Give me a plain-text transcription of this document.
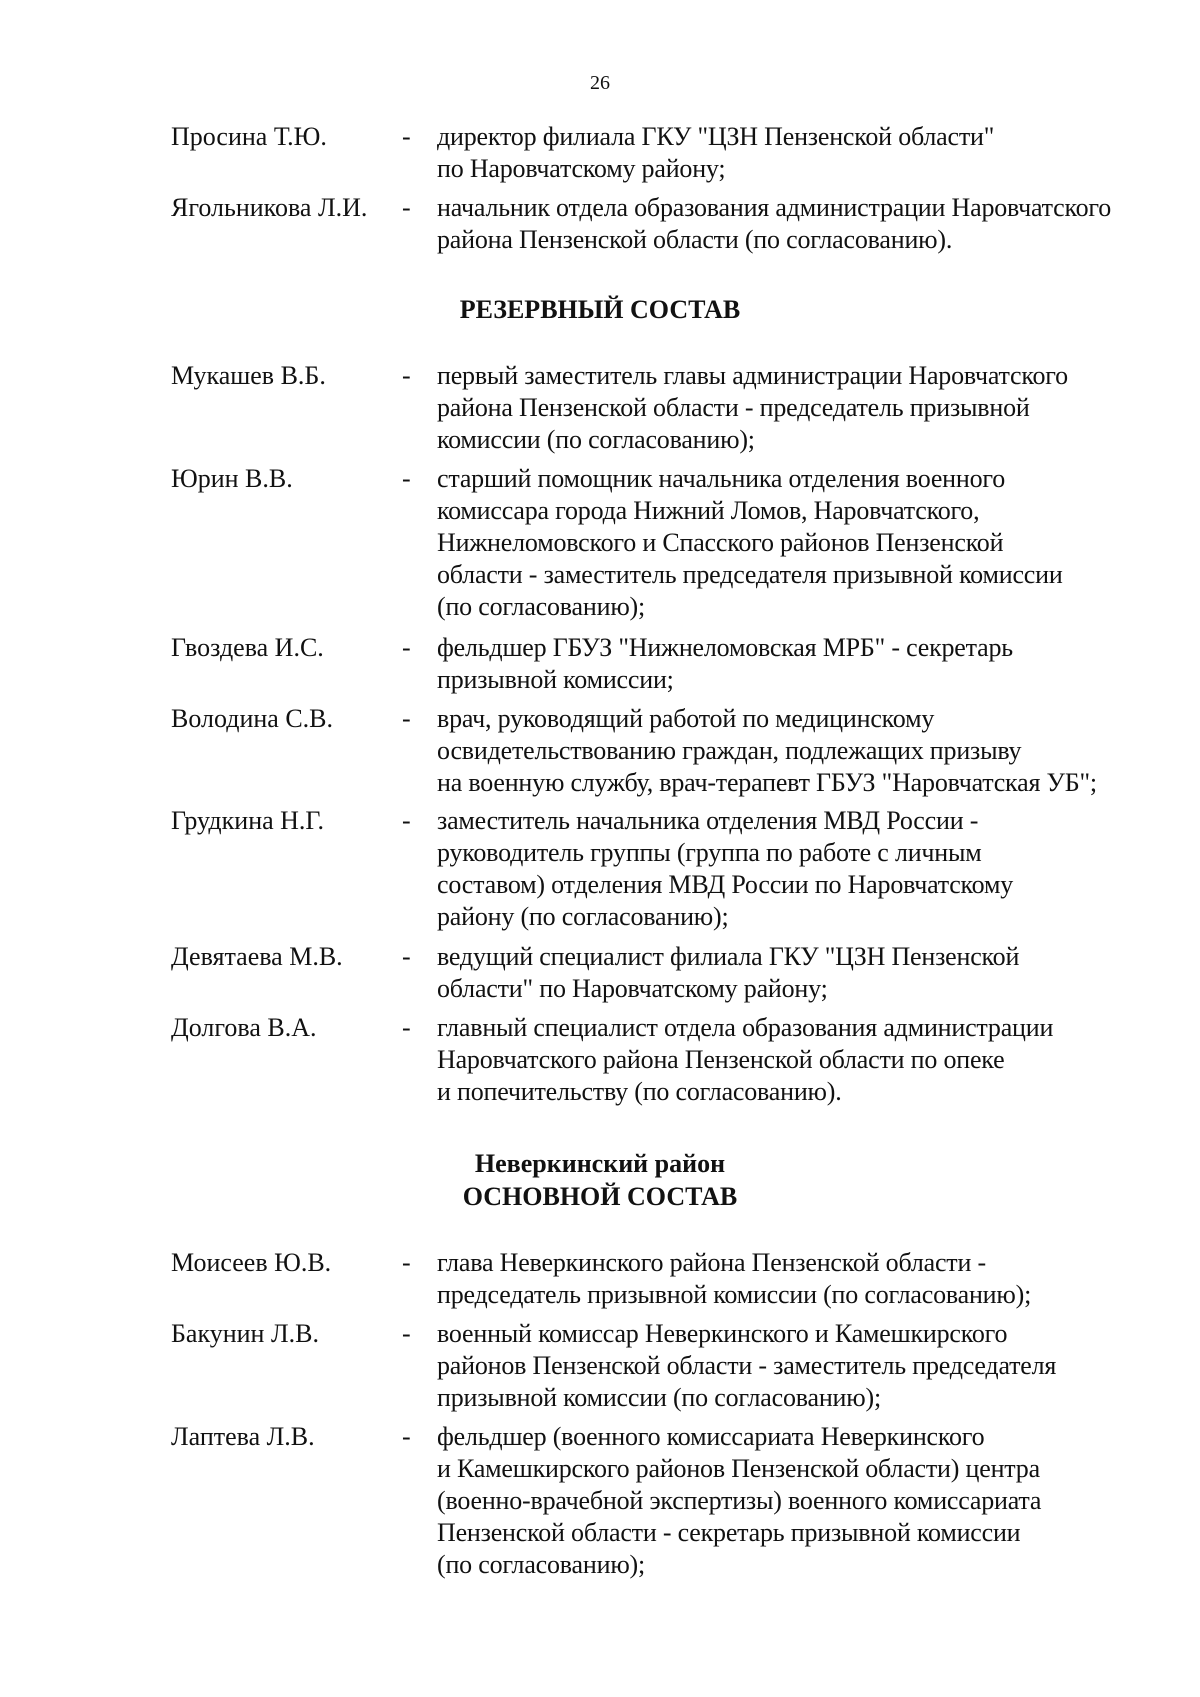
26
Просина Т.Ю.	- директор филиала ГКУ "ЦЗН Пензенской области"
по Наровчатскому району;
Ягольникова Л.И. - начальник отдела образования администрации Наровчатского
района Пензенской области (по согласованию).
РЕЗЕРВНЫЙ СОСТАВ
Мукашев В.Б.	- первый заместитель главы администрации Наровчатского
района Пензенской области - председатель призывной
комиссии (по согласованию);
Юрин В.В.	- старший помощник начальника отделения военного
комиссара города Нижний Ломов, Наровчатского,
Нижнеломовского и Спасского районов Пензенской
области - заместитель председателя призывной комиссии
(по согласованию);
Гвоздева И.С.	- фельдшер ГБУЗ "Нижнеломовская МРБ" - секретарь
призывной комиссии;
Володина С.В.	- врач, руководящий работой по медицинскому
освидетельствованию граждан, подлежащих призыву
на военную службу, врач-терапевт ГБУЗ "Наровчатская УБ";
Грудкина Н.Г.	- заместитель начальника отделения МВД России -
руководитель группы (группа по работе с личным
составом) отделения МВД России по Наровчатскому
району (по согласованию);
Девятаева М.В. - ведущий специалист филиала ГКУ "ЦЗН Пензенской
области" по Наровчатскому району;
Долгова В.А.	- главный специалист отдела образования администрации
Наровчатского района Пензенской области по опеке
и попечительству (по согласованию).
Неверкинский район
ОСНОВНОЙ СОСТАВ
Моисеев Ю.В.	- глава Неверкинского района Пензенской области -
председатель призывной комиссии (по согласованию);
Бакунин Л.В.	- военный комиссар Неверкинского и Камешкирского
районов Пензенской области - заместитель председателя
призывной комиссии (по согласованию);
Лаптева Л.В.	- фельдшер (военного комиссариата Неверкинского
и Камешкирского районов Пензенской области) центра
(военно-врачебной экспертизы) военного комиссариата
Пензенской области - секретарь призывной комиссии
(по согласованию);
